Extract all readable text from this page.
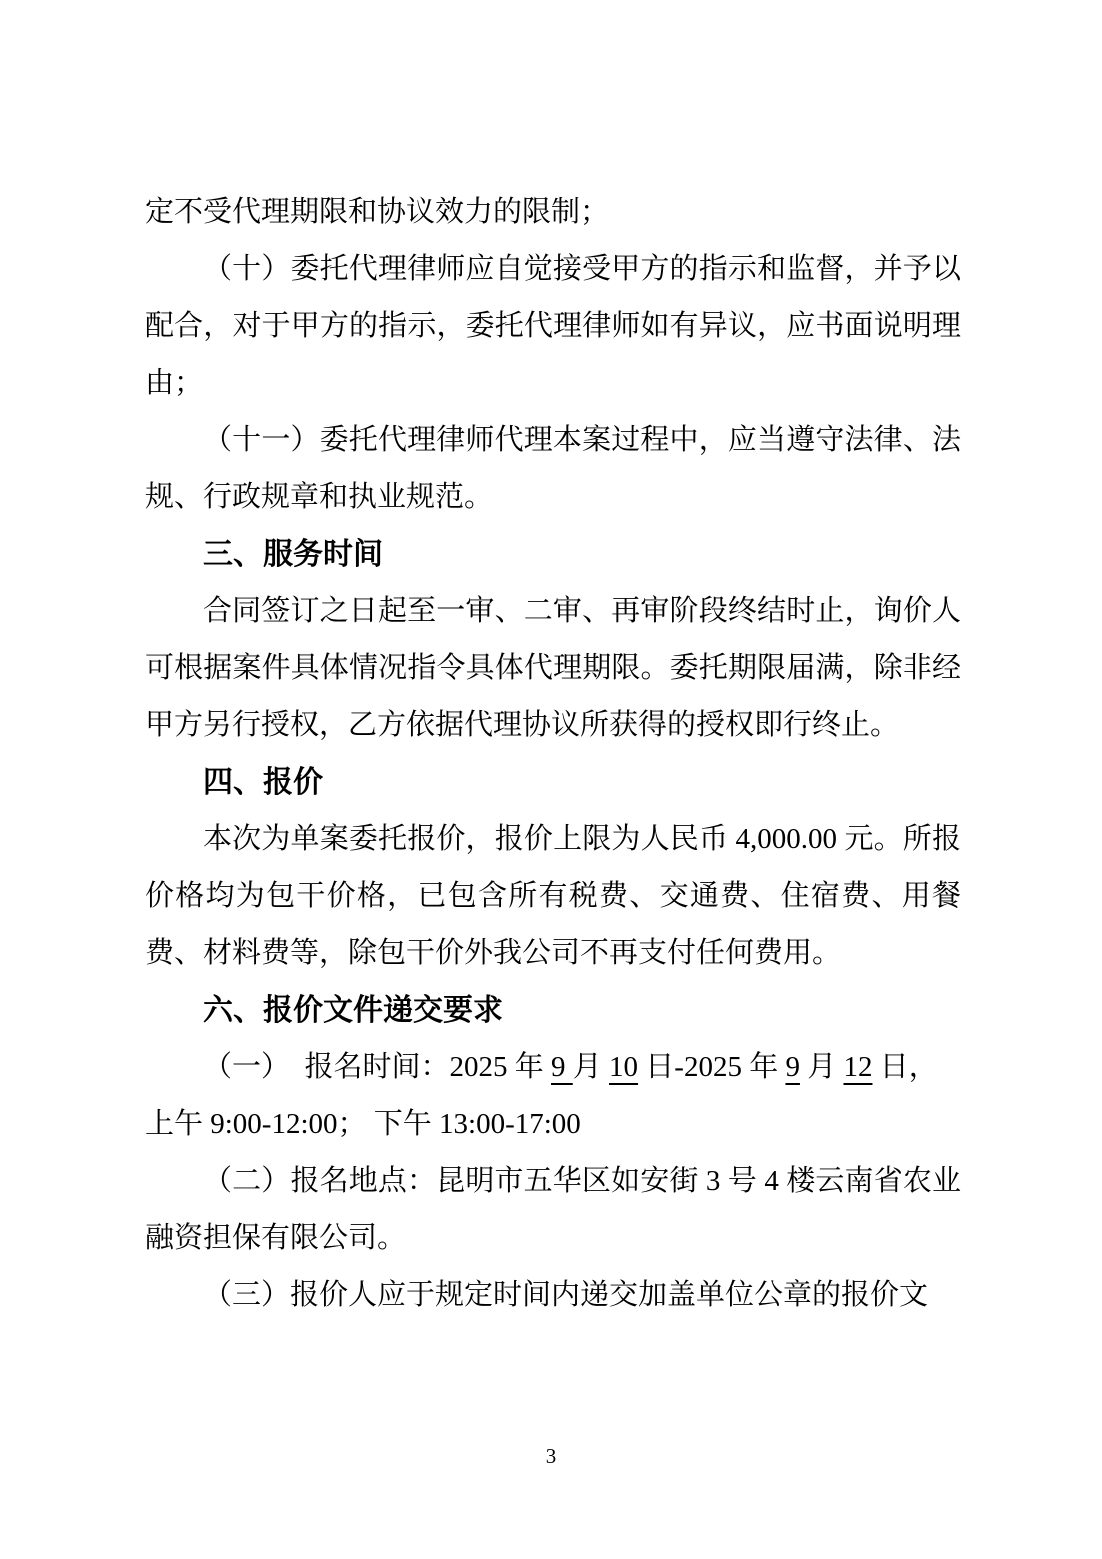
定不受代理期限和协议效力的限制；

（十）委托代理律师应自觉接受甲方的指示和监督，并予以配合，对于甲方的指示，委托代理律师如有异议，应书面说明理由；

（十一）委托代理律师代理本案过程中，应当遵守法律、法规、行政规章和执业规范。

三、服务时间

合同签订之日起至一审、二审、再审阶段终结时止，询价人可根据案件具体情况指令具体代理期限。委托期限届满，除非经甲方另行授权，乙方依据代理协议所获得的授权即行终止。

四、报价

本次为单案委托报价，报价上限为人民币 4,000.00 元。所报价格均为包干价格，已包含所有税费、交通费、住宿费、用餐费、材料费等，除包干价外我公司不再支付任何费用。

六、报价文件递交要求

（一）　报名时间：2025 年 9 月 10 日-2025 年 9 月 12 日，

上午 9:00-12:00； 下午 13:00-17:00

（二）报名地点：昆明市五华区如安街 3 号 4 楼云南省农业融资担保有限公司。

（三）报价人应于规定时间内递交加盖单位公章的报价文

3
